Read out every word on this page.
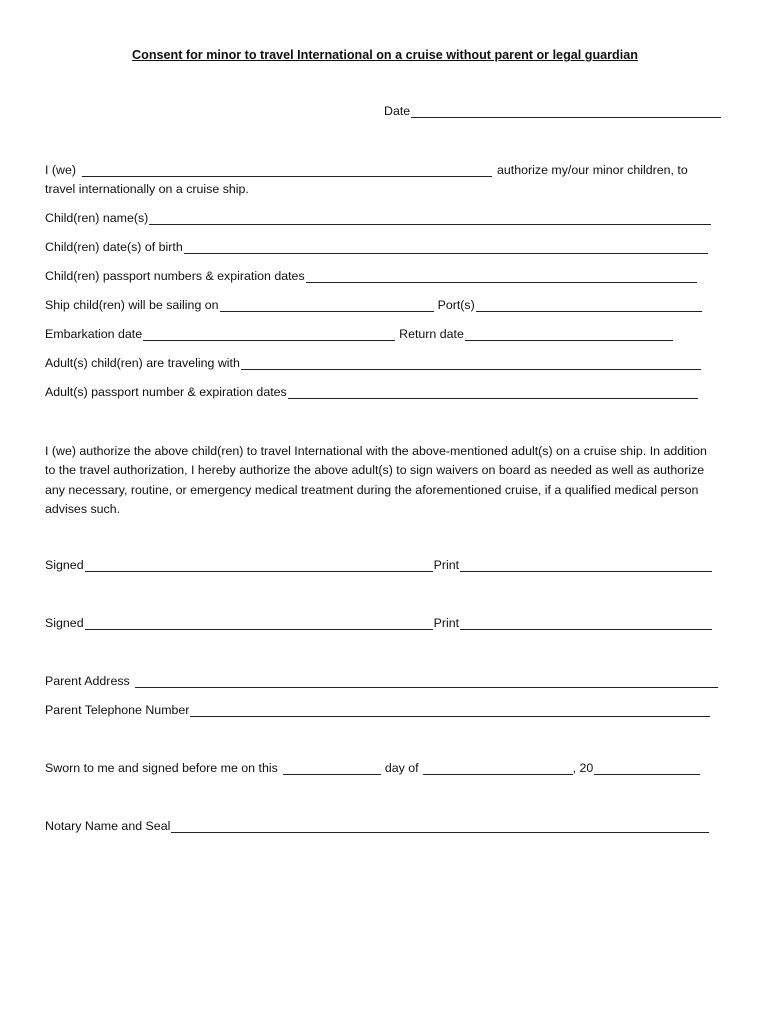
Consent for minor to travel International on a cruise without parent or legal guardian
Date
I (we)	authorize my/our minor children, to
travel internationally on a cruise ship.
Child(ren) name(s)
Child(ren) date(s) of birth
Child(ren) passport numbers & expiration dates
Ship child(ren) will be sailing on	Port(s)
Embarkation date	Return date
Adult(s) child(ren) are traveling with
Adult(s) passport number & expiration dates
I (we) authorize the above child(ren) to travel International with the above-mentioned adult(s) on a cruise ship. In addition to the travel authorization, I hereby authorize the above adult(s) to sign waivers on board as needed as well as authorize any necessary, routine, or emergency medical treatment during the aforementioned cruise, if a qualified medical person advises such.
Signed	Print
Signed	Print
Parent Address
Parent Telephone Number
Sworn to me and signed before me on this	day of	, 20
Notary Name and Seal
